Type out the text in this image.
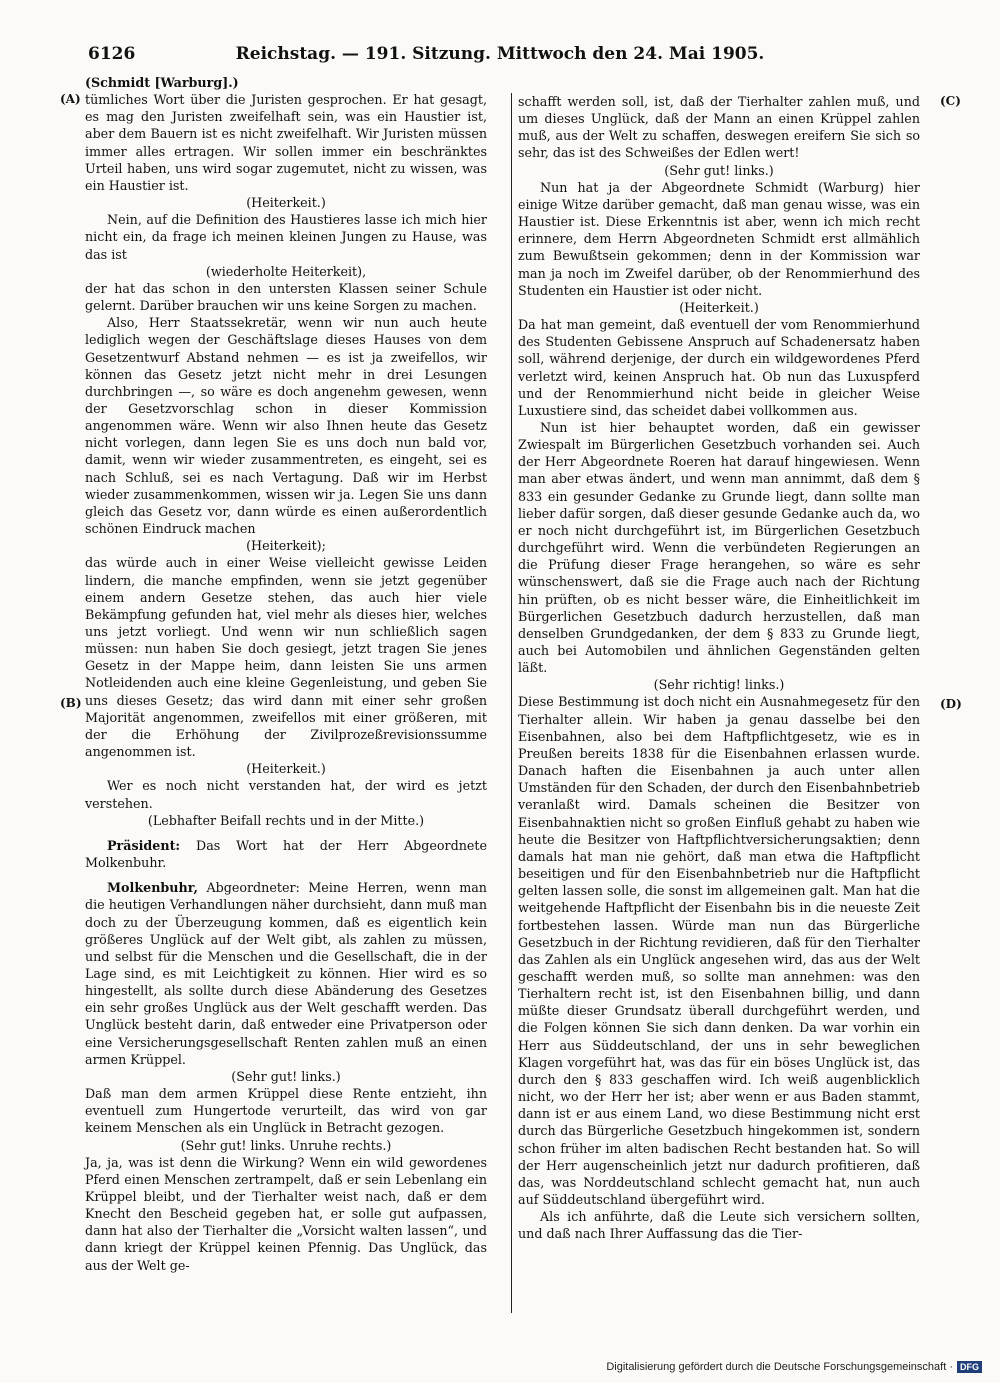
6126	Reichstag. — 191. Sitzung. Mittwoch den 24. Mai 1905.
(A)
(B)
(C)
(D)

(Schmidt [Warburg].)

tümliches Wort über die Juristen gesprochen. Er hat gesagt, es mag den Juristen zweifelhaft sein, was ein Haustier ist, aber dem Bauern ist es nicht zweifelhaft. Wir Juristen müssen immer alles ertragen. Wir sollen immer ein beschränktes Urteil haben, uns wird sogar zugemutet, nicht zu wissen, was ein Haustier ist.

(Heiterkeit.)

Nein, auf die Definition des Haustieres lasse ich mich hier nicht ein, da frage ich meinen kleinen Jungen zu Hause, was das ist

(wiederholte Heiterkeit),

der hat das schon in den untersten Klassen seiner Schule gelernt. Darüber brauchen wir uns keine Sorgen zu machen.

Also, Herr Staatssekretär, wenn wir nun auch heute lediglich wegen der Geschäftslage dieses Hauses von dem Gesetzentwurf Abstand nehmen — es ist ja zweifellos, wir können das Gesetz jetzt nicht mehr in drei Lesungen durchbringen —, so wäre es doch angenehm gewesen, wenn der Gesetzvorschlag schon in dieser Kommission angenommen wäre. Wenn wir also Ihnen heute das Gesetz nicht vorlegen, dann legen Sie es uns doch nun bald vor, damit, wenn wir wieder zusammentreten, es eingeht, sei es nach Schluß, sei es nach Vertagung. Daß wir im Herbst wieder zusammenkommen, wissen wir ja. Legen Sie uns dann gleich das Gesetz vor, dann würde es einen außerordentlich schönen Eindruck machen

(Heiterkeit);

das würde auch in einer Weise vielleicht gewisse Leiden lindern, die manche empfinden, wenn sie jetzt gegenüber einem andern Gesetze stehen, das auch hier viele Bekämpfung gefunden hat, viel mehr als dieses hier, welches uns jetzt vorliegt. Und wenn wir nun schließlich sagen müssen: nun haben Sie doch gesiegt, jetzt tragen Sie jenes Gesetz in der Mappe heim, dann leisten Sie uns armen Notleidenden auch eine kleine Gegenleistung, und geben Sie uns dieses Gesetz; das wird dann mit einer sehr großen Majorität angenommen, zweifellos mit einer größeren, mit der die Erhöhung der Zivilprozeßrevisionssumme angenommen ist.

(Heiterkeit.)

Wer es noch nicht verstanden hat, der wird es jetzt verstehen.

(Lebhafter Beifall rechts und in der Mitte.)

Präsident: Das Wort hat der Herr Abgeordnete Molkenbuhr.

Molkenbuhr, Abgeordneter: Meine Herren, wenn man die heutigen Verhandlungen näher durchsieht, dann muß man doch zu der Überzeugung kommen, daß es eigentlich kein größeres Unglück auf der Welt gibt, als zahlen zu müssen, und selbst für die Menschen und die Gesellschaft, die in der Lage sind, es mit Leichtigkeit zu können. Hier wird es so hingestellt, als sollte durch diese Abänderung des Gesetzes ein sehr großes Unglück aus der Welt geschafft werden. Das Unglück besteht darin, daß entweder eine Privatperson oder eine Versicherungsgesellschaft Renten zahlen muß an einen armen Krüppel.

(Sehr gut! links.)

Daß man dem armen Krüppel diese Rente entzieht, ihn eventuell zum Hungertode verurteilt, das wird von gar keinem Menschen als ein Unglück in Betracht gezogen.

(Sehr gut! links. Unruhe rechts.)

Ja, ja, was ist denn die Wirkung? Wenn ein wild gewordenes Pferd einen Menschen zertrampelt, daß er sein Lebenlang ein Krüppel bleibt, und der Tierhalter weist nach, daß er dem Knecht den Bescheid gegeben hat, er solle gut aufpassen, dann hat also der Tierhalter die „Vorsicht walten lassen“, und dann kriegt der Krüppel keinen Pfennig. Das Unglück, das aus der Welt ge-

schafft werden soll, ist, daß der Tierhalter zahlen muß, und um dieses Unglück, daß der Mann an einen Krüppel zahlen muß, aus der Welt zu schaffen, deswegen ereifern Sie sich so sehr, das ist des Schweißes der Edlen wert!

(Sehr gut! links.)

Nun hat ja der Abgeordnete Schmidt (Warburg) hier einige Witze darüber gemacht, daß man genau wisse, was ein Haustier ist. Diese Erkenntnis ist aber, wenn ich mich recht erinnere, dem Herrn Abgeordneten Schmidt erst allmählich zum Bewußtsein gekommen; denn in der Kommission war man ja noch im Zweifel darüber, ob der Renommierhund des Studenten ein Haustier ist oder nicht.

(Heiterkeit.)

Da hat man gemeint, daß eventuell der vom Renommierhund des Studenten Gebissene Anspruch auf Schadenersatz haben soll, während derjenige, der durch ein wildgewordenes Pferd verletzt wird, keinen Anspruch hat. Ob nun das Luxuspferd und der Renommierhund nicht beide in gleicher Weise Luxustiere sind, das scheidet dabei vollkommen aus.

Nun ist hier behauptet worden, daß ein gewisser Zwiespalt im Bürgerlichen Gesetzbuch vorhanden sei. Auch der Herr Abgeordnete Roeren hat darauf hingewiesen. Wenn man aber etwas ändert, und wenn man annimmt, daß dem § 833 ein gesunder Gedanke zu Grunde liegt, dann sollte man lieber dafür sorgen, daß dieser gesunde Gedanke auch da, wo er noch nicht durchgeführt ist, im Bürgerlichen Gesetzbuch durchgeführt wird. Wenn die verbündeten Regierungen an die Prüfung dieser Frage herangehen, so wäre es sehr wünschenswert, daß sie die Frage auch nach der Richtung hin prüften, ob es nicht besser wäre, die Einheitlichkeit im Bürgerlichen Gesetzbuch dadurch herzustellen, daß man denselben Grundgedanken, der dem § 833 zu Grunde liegt, auch bei Automobilen und ähnlichen Gegenständen gelten läßt.

(Sehr richtig! links.)

Diese Bestimmung ist doch nicht ein Ausnahmegesetz für den Tierhalter allein. Wir haben ja genau dasselbe bei den Eisenbahnen, also bei dem Haftpflichtgesetz, wie es in Preußen bereits 1838 für die Eisenbahnen erlassen wurde. Danach haften die Eisenbahnen ja auch unter allen Umständen für den Schaden, der durch den Eisenbahnbetrieb veranlaßt wird. Damals scheinen die Besitzer von Eisenbahnaktien nicht so großen Einfluß gehabt zu haben wie heute die Besitzer von Haftpflichtversicherungsaktien; denn damals hat man nie gehört, daß man etwa die Haftpflicht beseitigen und für den Eisenbahnbetrieb nur die Haftpflicht gelten lassen solle, die sonst im allgemeinen galt. Man hat die weitgehende Haftpflicht der Eisenbahn bis in die neueste Zeit fortbestehen lassen. Würde man nun das Bürgerliche Gesetzbuch in der Richtung revidieren, daß für den Tierhalter das Zahlen als ein Unglück angesehen wird, das aus der Welt geschafft werden muß, so sollte man annehmen: was den Tierhaltern recht ist, ist den Eisenbahnen billig, und dann müßte dieser Grundsatz überall durchgeführt werden, und die Folgen können Sie sich dann denken. Da war vorhin ein Herr aus Süddeutschland, der uns in sehr beweglichen Klagen vorgeführt hat, was das für ein böses Unglück ist, das durch den § 833 geschaffen wird. Ich weiß augenblicklich nicht, wo der Herr her ist; aber wenn er aus Baden stammt, dann ist er aus einem Land, wo diese Bestimmung nicht erst durch das Bürgerliche Gesetzbuch hingekommen ist, sondern schon früher im alten badischen Recht bestanden hat. So will der Herr augenscheinlich jetzt nur dadurch profitieren, daß das, was Norddeutschland schlecht gemacht hat, nun auch auf Süddeutschland übergeführt wird.

Als ich anführte, daß die Leute sich versichern sollten, und daß nach Ihrer Auffassung das die Tier-

Digitalisierung gefördert durch die Deutsche Forschungsgemeinschaft · DFG
